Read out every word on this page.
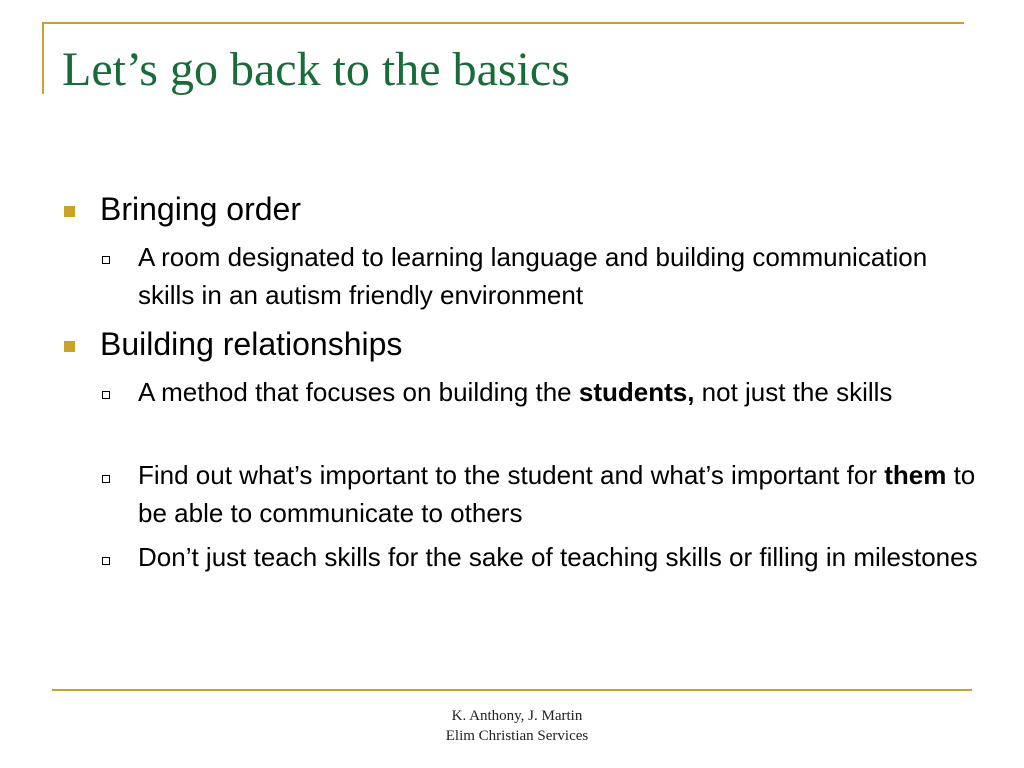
Let’s go back to the basics
Bringing order
A room designated to learning language and building communication skills in an autism friendly environment
Building relationships
A method that focuses on building the students, not just the skills
Find out what’s important to the student and what’s important for them to be able to communicate to others
Don’t just teach skills for the sake of teaching skills or filling in milestones
K. Anthony, J. Martin
Elim Christian Services
